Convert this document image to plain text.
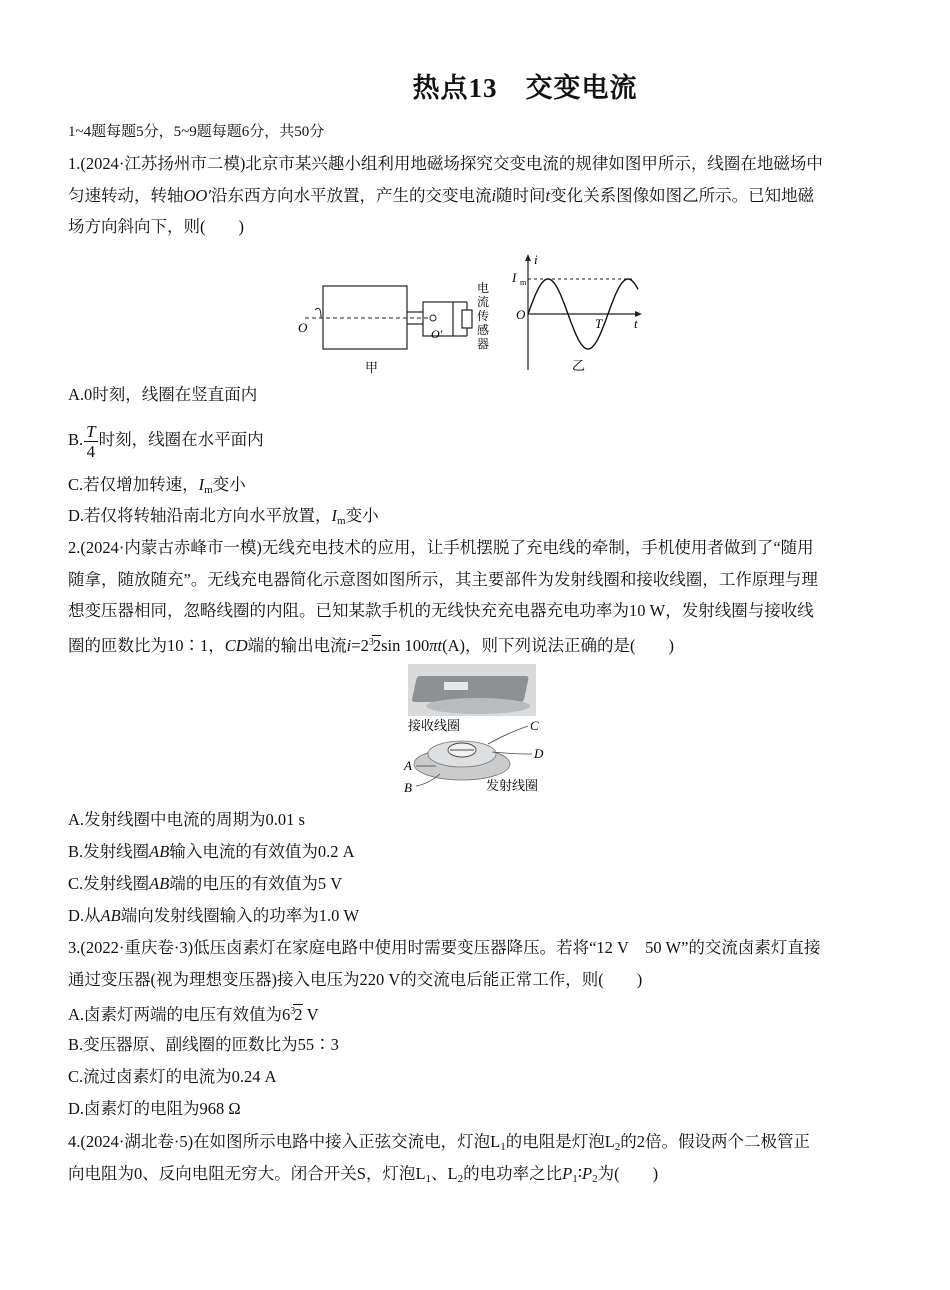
热点13 交变电流
1~4题每题5分，5~9题每题6分，共50分
1.(2024·江苏扬州市二模)北京市某兴趣小组利用地磁场探究交变电流的规律如图甲所示，线圈在地磁场中
匀速转动，转轴OO′沿东西方向水平放置，产生的交变电流i随时间t变化关系图像如图乙所示。已知地磁
场方向斜向下，则(　　)
O	O′
甲
电
流
传
感
器
i
t
O
I m
T
乙
A.0时刻，线圈在竖直面内
B. $\frac{T}{4}$ 时刻，线圈在水平面内
C.若仅增加转速，$I_m$变小
D.若仅将转轴沿南北方向水平放置，$I_m$变小
2.(2024·内蒙古赤峰市一模)无线充电技术的应用，让手机摆脱了充电线的牵制，手机使用者做到了“随用
随拿，随放随充”。无线充电器简化示意图如图所示，其主要部件为发射线圈和接收线圈，工作原理与理
想变压器相同，忽略线圈的内阻。已知某款手机的无线快充充电器充电功率为10 W，发射线圈与接收线
圈的匝数比为10∶1，CD端的输出电流$i=2^32\sin$ 100πt(A)，则下列说法正确的是(　　)
接收线圈
发射线圈
C
D
A
B
A.发射线圈中电流的周期为0.01 s
B.发射线圈AB输入电流的有效值为0.2 A
C.发射线圈AB端的电压的有效值为5 V
D.从AB端向发射线圈输入的功率为1.0 W
3.(2022·重庆卷·3)低压卤素灯在家庭电路中使用时需要变压器降压。若将“12 V　50 W”的交流卤素灯直接
通过变压器(视为理想变压器)接入电压为220 V的交流电后能正常工作，则(　　)
A.卤素灯两端的电压有效值为$6^32$ V
B.变压器原、副线圈的匝数比为55∶3
C.流过卤素灯的电流为0.24 A
D.卤素灯的电阻为968 Ω
4.(2024·湖北卷·5)在如图所示电路中接入正弦交流电，灯泡$L_1$的电阻是灯泡$L_2$的2倍。假设两个二极管正
向电阻为0、反向电阻无穷大。闭合开关S，灯泡$L_1$、$L_2$的电功率之比$P_1∶P_2$为(　　)
